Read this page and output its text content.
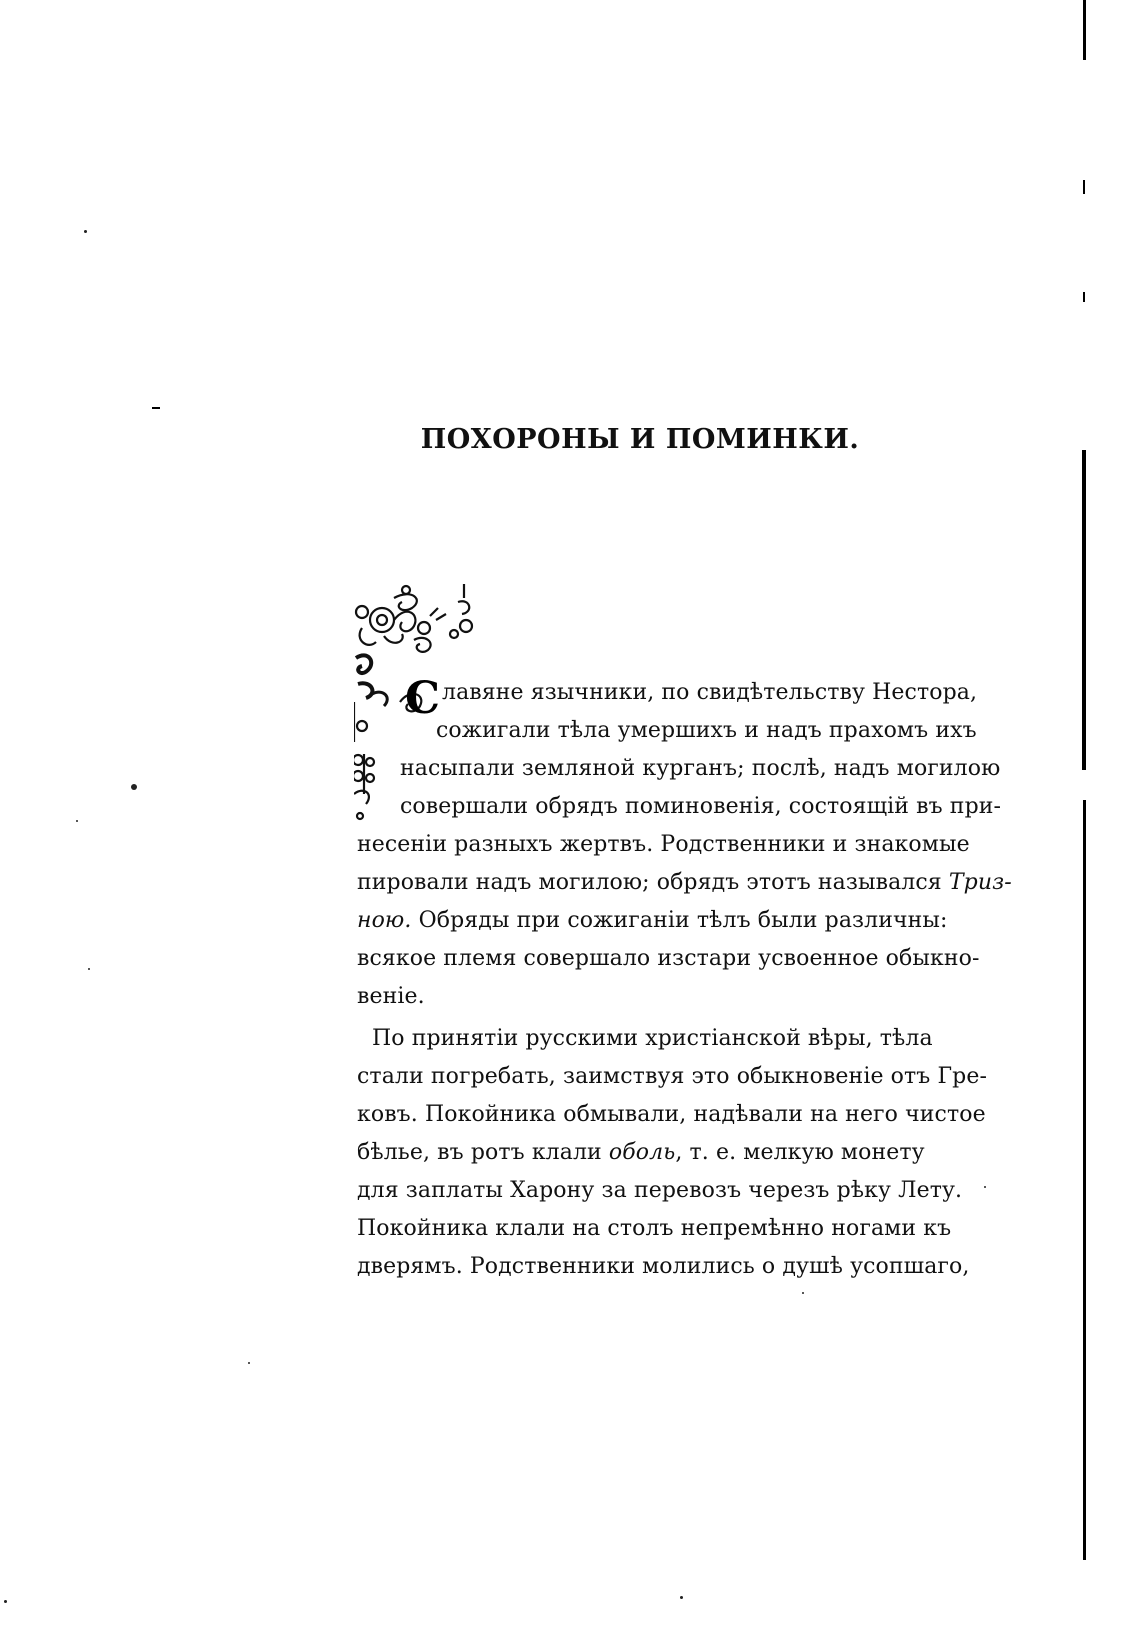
ПОХОРОНЫ И ПОМИНКИ.
С лавяне язычники, по свидѣтельству Нестора,

сожигали тѣла умершихъ и надъ прахомъ ихъ

насыпали земляной курганъ; послѣ, надъ могилою

совершали обрядъ поминовенія, состоящій въ при-

несеніи разныхъ жертвъ. Родственники и знакомые

пировали надъ могилою; обрядъ этотъ назывался Триз-

ною. Обряды при сожиганіи тѣлъ были различны:

всякое племя совершало изстари усвоенное обыкно-

веніе.

По принятіи русскими христіанской вѣры, тѣла

стали погребать, заимствуя это обыкновеніе отъ Гре-

ковъ. Покойника обмывали, надѣвали на него чистое

бѣлье, въ ротъ клали оболь, т. е. мелкую монету

для заплаты Харону за перевозъ черезъ рѣку Лету.

Покойника клали на столъ непремѣнно ногами къ

дверямъ. Родственники молились о душѣ усопшаго,
